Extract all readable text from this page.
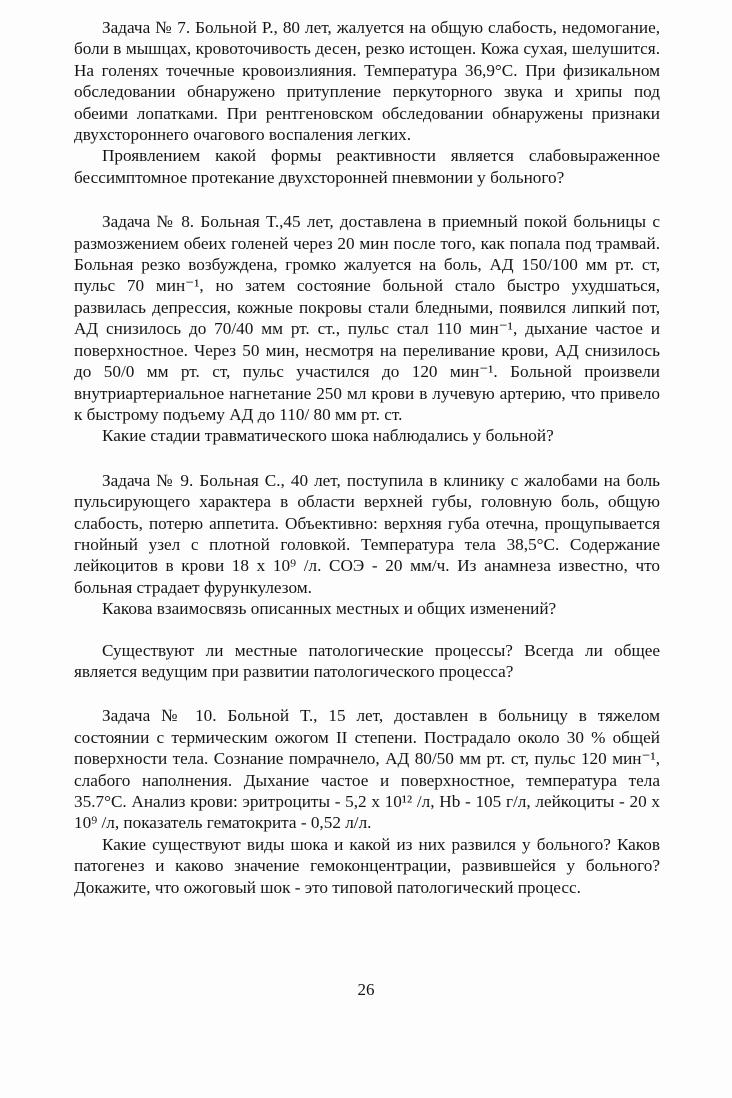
Задача № 7. Больной Р., 80 лет, жалуется на общую слабость, недомогание, боли в мышцах, кровоточивость десен, резко истощен. Кожа сухая, шелушится. На голенях точечные кровоизлияния. Температура 36,9°С. При физикальном обследовании обнаружено притупление перкуторного звука и хрипы под обеими лопатками. При рентгеновском обследовании обнаружены признаки двухстороннего очагового воспаления легких.

Проявлением какой формы реактивности является слабовыраженное бессимптомное протекание двухсторонней пневмонии у больного?

Задача № 8. Больная Т.,45 лет, доставлена в приемный покой больницы с размозжением обеих голеней через 20 мин после того, как попала под трамвай. Больная резко возбуждена, громко жалуется на боль, АД 150/100 мм рт. ст, пульс 70 мин⁻¹, но затем состояние больной стало быстро ухудшаться, развилась депрессия, кожные покровы стали бледными, появился липкий пот, АД снизилось до 70/40 мм рт. ст., пульс стал 110 мин⁻¹, дыхание частое и поверхностное. Через 50 мин, несмотря на переливание крови, АД снизилось до 50/0 мм рт. ст, пульс участился до 120 мин⁻¹. Больной произвели внутриартериальное нагнетание 250 мл крови в лучевую артерию, что привело к быстрому подъему АД до 110/ 80 мм рт. ст.

Какие стадии травматического шока наблюдались у больной?

Задача № 9. Больная С., 40 лет, поступила в клинику с жалобами на боль пульсирующего характера в области верхней губы, головную боль, общую слабость, потерю аппетита. Объективно: верхняя губа отечна, прощупывается гнойный узел с плотной головкой. Температура тела 38,5°С. Содержание лейкоцитов в крови 18 х 10⁹ /л. СОЭ - 20 мм/ч. Из анамнеза известно, что больная страдает фурункулезом.

Какова взаимосвязь описанных местных и общих изменений?

Существуют ли местные патологические процессы? Всегда ли общее является ведущим при развитии патологического процесса?

Задача № 10. Больной Т., 15 лет, доставлен в больницу в тяжелом состоянии с термическим ожогом II степени. Пострадало около 30 % общей поверхности тела. Сознание помрачнело, АД 80/50 мм рт. ст, пульс 120 мин⁻¹, слабого наполнения. Дыхание частое и поверхностное, температура тела 35.7°С. Анализ крови: эритроциты - 5,2 х 10¹² /л, Hb - 105 г/л, лейкоциты - 20 х 10⁹ /л, показатель гематокрита - 0,52 л/л.

Какие существуют виды шока и какой из них развился у больного? Каков патогенез и каково значение гемоконцентрации, развившейся у больного? Докажите, что ожоговый шок - это типовой патологический процесс.

26
